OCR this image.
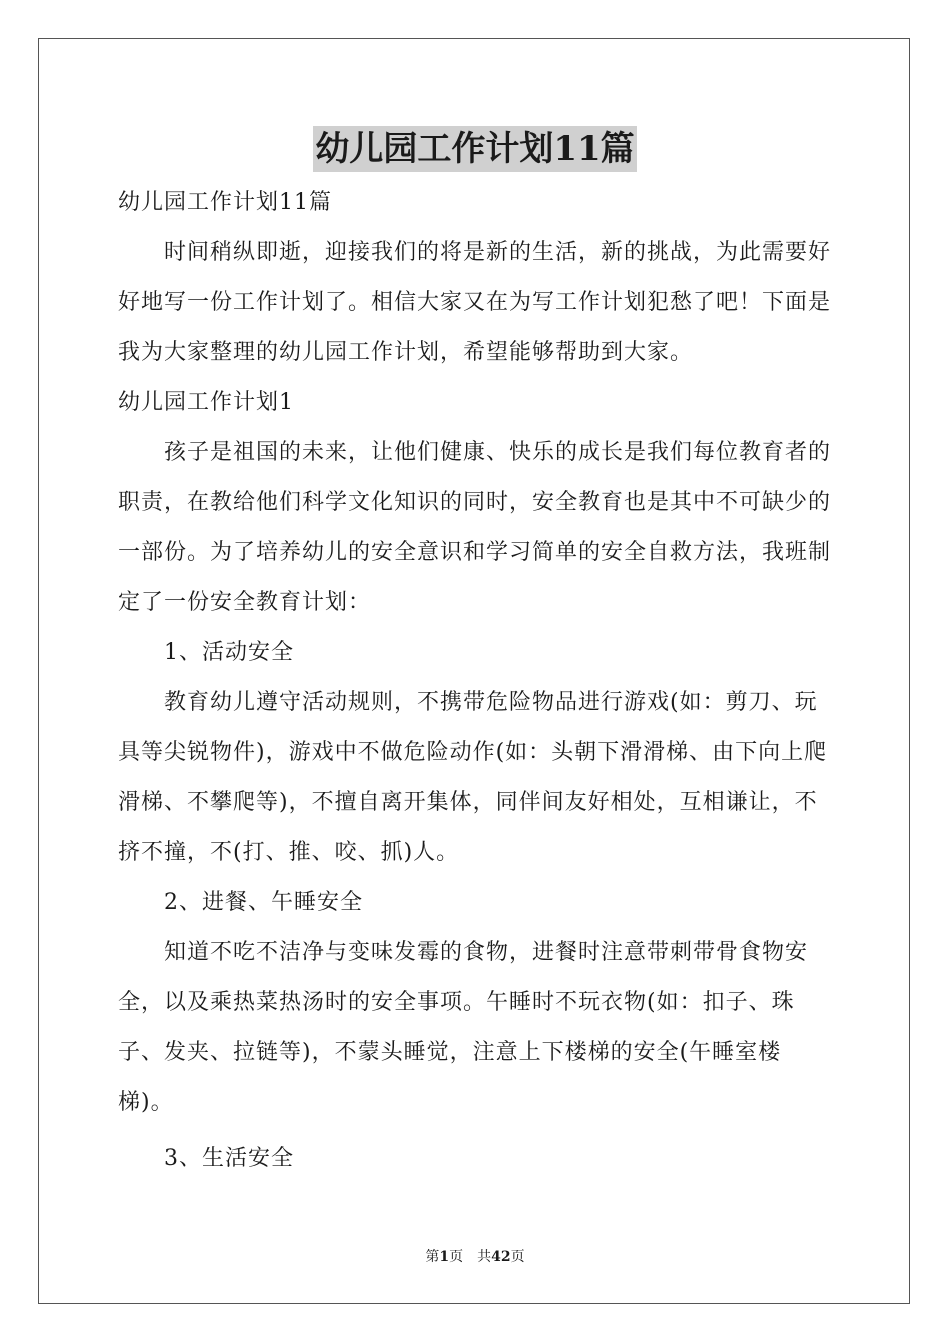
幼儿园工作计划11篇

幼儿园工作计划11篇

时间稍纵即逝，迎接我们的将是新的生活，新的挑战，为此需要好好地写一份工作计划了。相信大家又在为写工作计划犯愁了吧！下面是我为大家整理的幼儿园工作计划，希望能够帮助到大家。

幼儿园工作计划1

孩子是祖国的未来，让他们健康、快乐的成长是我们每位教育者的职责，在教给他们科学文化知识的同时，安全教育也是其中不可缺少的一部份。为了培养幼儿的安全意识和学习简单的安全自救方法，我班制定了一份安全教育计划：

1、活动安全

教育幼儿遵守活动规则，不携带危险物品进行游戏(如：剪刀、玩具等尖锐物件)，游戏中不做危险动作(如：头朝下滑滑梯、由下向上爬滑梯、不攀爬等)，不擅自离开集体，同伴间友好相处，互相谦让，不挤不撞，不(打、推、咬、抓)人。

2、进餐、午睡安全

知道不吃不洁净与变味发霉的食物，进餐时注意带刺带骨食物安全，以及乘热菜热汤时的安全事项。午睡时不玩衣物(如：扣子、珠子、发夹、拉链等)，不蒙头睡觉，注意上下楼梯的安全(午睡室楼梯)。

3、生活安全

第1页　共42页
